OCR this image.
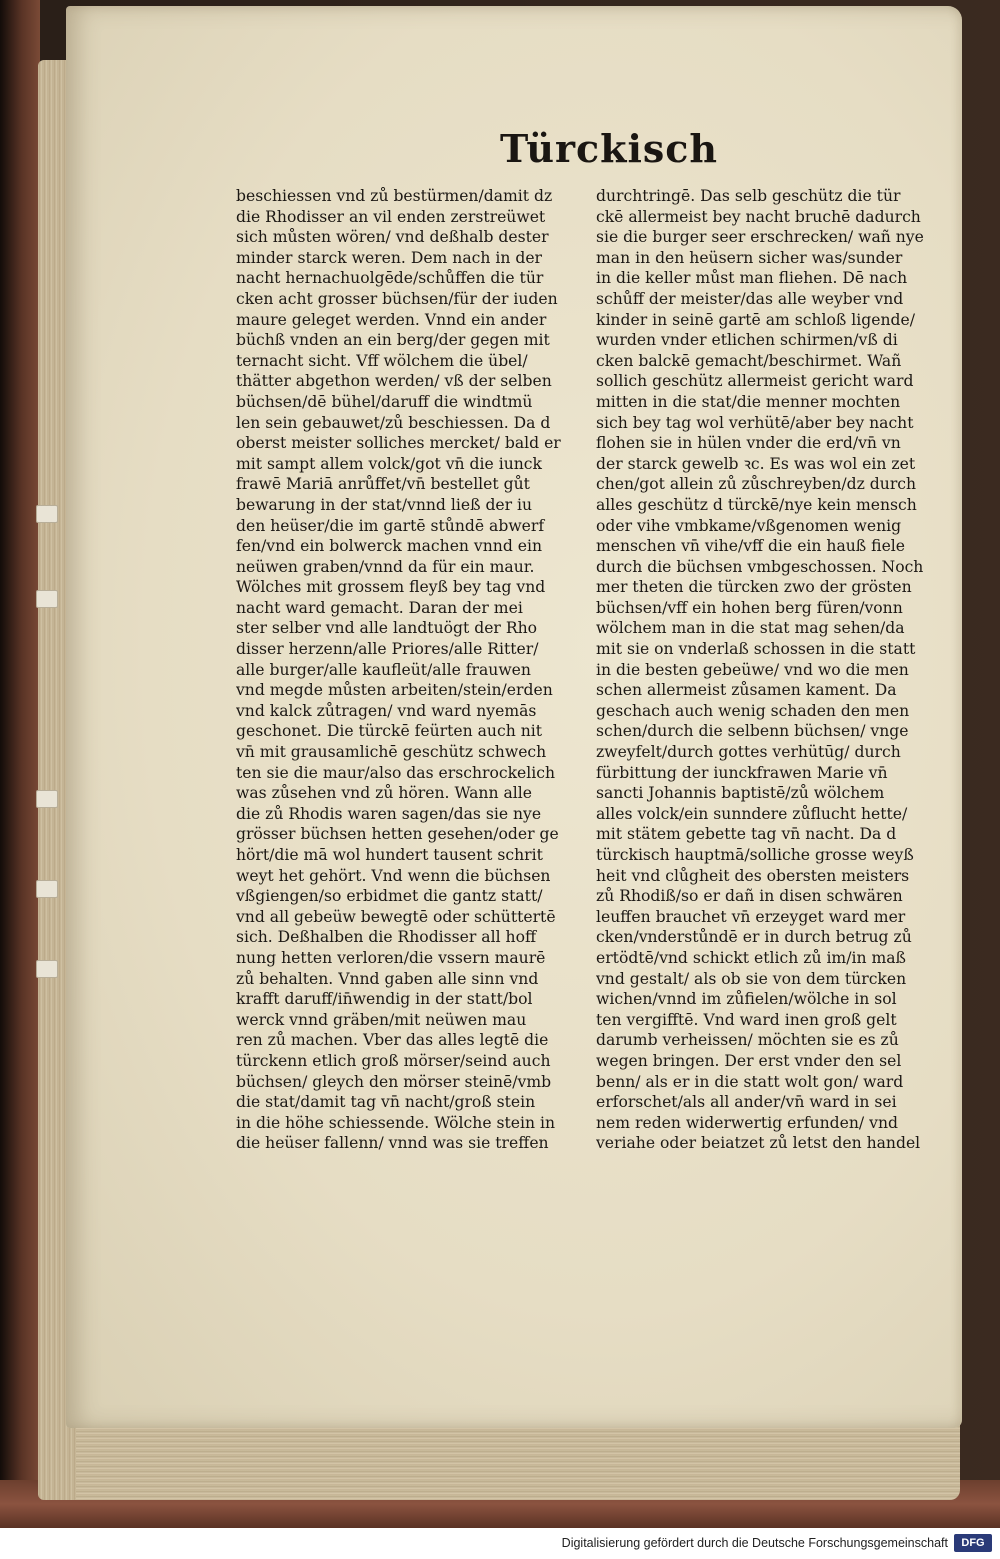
Türckisch
beschiessen vnd zů bestürmen/damit dz
die Rhodisser an vil enden zerstreüwet
sich můsten wören/ vnd deßhalb dester
minder starck weren. Dem nach in der
nacht hernachuolgēde/schůffen die tür
cken acht grosser büchsen/für der iuden
maure geleget werden. Vnnd ein ander
büchß vnden an ein berg/der gegen mit
ternacht sicht. Vff wölchem die übel/
thätter abgethon werden/ vß der selben
büchsen/dē bühel/daruff die windtmü
len sein gebauwet/zů beschiessen. Da d
oberst meister solliches mercket/ bald er
mit sampt allem volck/got vn̄ die iunck
frawē Mariā anrůffet/vn̄ bestellet gůt
bewarung in der stat/vnnd ließ der iu
den heüser/die im gartē stůndē abwerf
fen/vnd ein bolwerck machen vnnd ein
neüwen graben/vnnd da für ein maur.
Wölches mit grossem fleyß bey tag vnd
nacht ward gemacht. Daran der mei
ster selber vnd alle landtuögt der Rho
disser herzenn/alle Priores/alle Ritter/
alle burger/alle kaufleüt/alle frauwen
vnd megde můsten arbeiten/stein/erden
vnd kalck zůtragen/ vnd ward nyemās
geschonet. Die türckē feürten auch nit
vn̄ mit grausamlichē geschütz schwech
ten sie die maur/also das erschrockelich
was zůsehen vnd zů hören. Wann alle
die zů Rhodis waren sagen/das sie nye
grösser büchsen hetten gesehen/oder ge
hört/die mā wol hundert tausent schrit
weyt het gehört. Vnd wenn die büchsen
vßgiengen/so erbidmet die gantz statt/
vnd all gebeüw bewegtē oder schüttertē
sich. Deßhalben die Rhodisser all hoff
nung hetten verloren/die vssern maurē
zů behalten. Vnnd gaben alle sinn vnd
krafft daruff/in̄wendig in der statt/bol
werck vnnd gräben/mit neüwen mau
ren zů machen. Vber das alles legtē die
türckenn etlich groß mörser/seind auch
büchsen/ gleych den mörser steinē/vmb
die stat/damit tag vn̄ nacht/groß stein
in die höhe schiessende. Wölche stein in
die heüser fallenn/ vnnd was sie treffen
durchtringē. Das selb geschütz die tür
ckē allermeist bey nacht bruchē dadurch
sie die burger seer erschrecken/ wañ nye
man in den heüsern sicher was/sunder
in die keller můst man fliehen. Dē nach
schůff der meister/das alle weyber vnd
kinder in seinē gartē am schloß ligende/
wurden vnder etlichen schirmen/vß di
cken balckē gemacht/beschirmet. Wañ
sollich geschütz allermeist gericht ward
mitten in die stat/die menner mochten
sich bey tag wol verhütē/aber bey nacht
flohen sie in hülen vnder die erd/vn̄ vn
der starck gewelb ꝛc. Es was wol ein zet
chen/got allein zů zůschreyben/dz durch
alles geschütz d türckē/nye kein mensch
oder vihe vmbkame/vßgenomen wenig
menschen vn̄ vihe/vff die ein hauß fiele
durch die büchsen vmbgeschossen. Noch
mer theten die türcken zwo der grösten
büchsen/vff ein hohen berg füren/vonn
wölchem man in die stat mag sehen/da
mit sie on vnderlaß schossen in die statt
in die besten gebeüwe/ vnd wo die men
schen allermeist zůsamen kament. Da
geschach auch wenig schaden den men
schen/durch die selbenn büchsen/ vnge
zweyfelt/durch gottes verhütūg/ durch
fürbittung der iunckfrawen Marie vn̄
sancti Johannis baptistē/zů wölchem
alles volck/ein sunndere zůflucht hette/
mit stätem gebette tag vn̄ nacht. Da d
türckisch hauptmā/solliche grosse weyß
heit vnd clůgheit des obersten meisters
zů Rhodiß/so er dañ in disen schwären
leuffen brauchet vn̄ erzeyget ward mer
cken/vnderstůndē er in durch betrug zů
ertödtē/vnd schickt etlich zů im/in maß
vnd gestalt/ als ob sie von dem türcken
wichen/vnnd im zůfielen/wölche in sol
ten vergifftē. Vnd ward inen groß gelt
darumb verheissen/ möchten sie es zů
wegen bringen. Der erst vnder den sel
benn/ als er in die statt wolt gon/ ward
erforschet/als all ander/vn̄ ward in sei
nem reden widerwertig erfunden/ vnd
veriahe oder beiatzet zů letst den handel
Digitalisierung gefördert durch die Deutsche Forschungsgemeinschaft	DFG
